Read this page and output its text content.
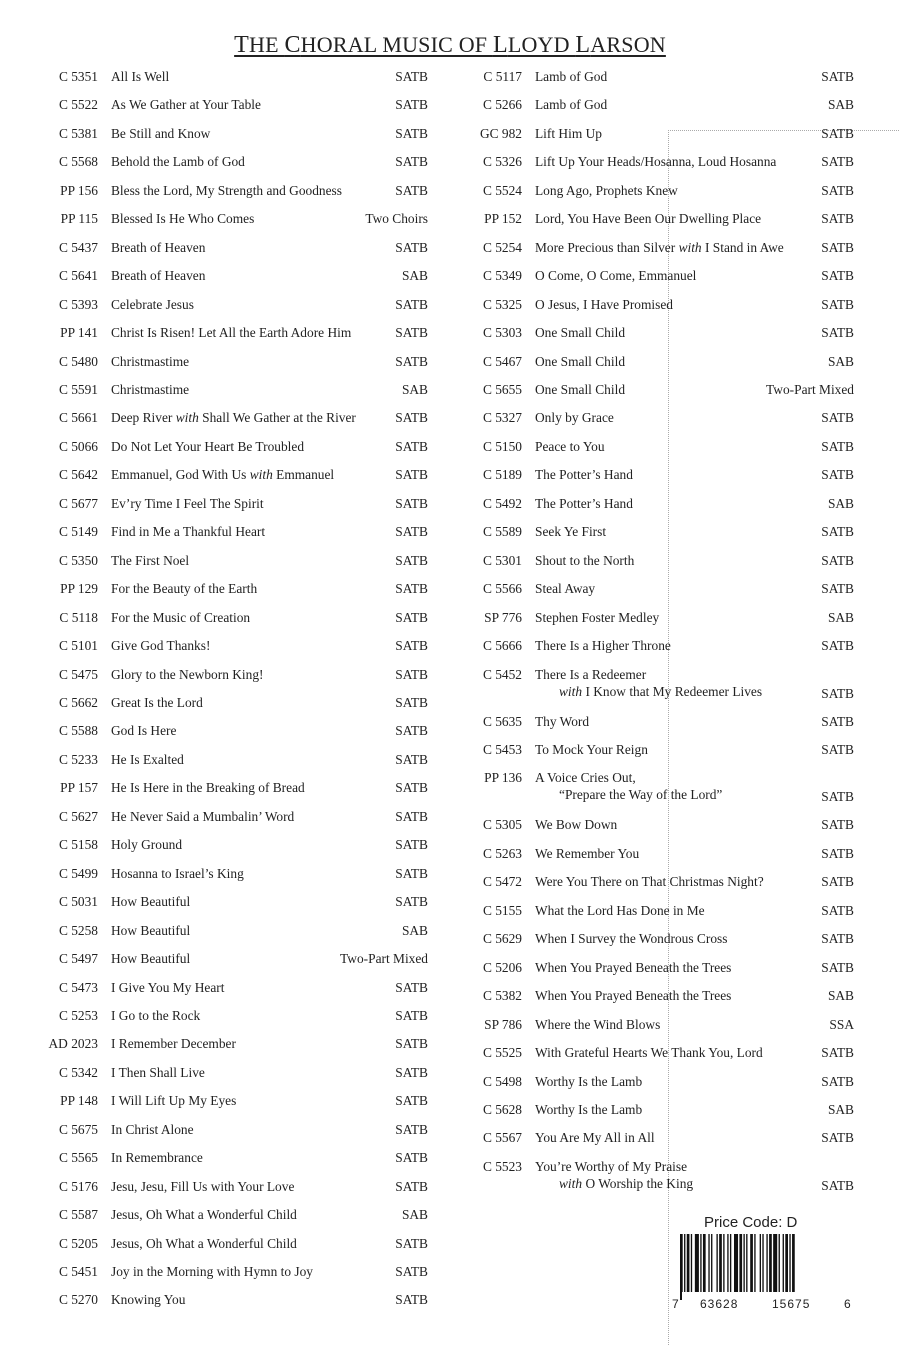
THE CHORAL MUSIC OF LLOYD LARSON
C 5351 All Is Well	SATB
C 5522 As We Gather at Your Table	SATB
C 5381 Be Still and Know	SATB
C 5568 Behold the Lamb of God	SATB
PP 156 Bless the Lord, My Strength and Goodness	SATB
PP 115 Blessed Is He Who Comes	Two Choirs
C 5437 Breath of Heaven	SATB
C 5641 Breath of Heaven	SAB
C 5393 Celebrate Jesus	SATB
PP 141 Christ Is Risen! Let All the Earth Adore Him	SATB
C 5480 Christmastime	SATB
C 5591 Christmastime	SAB
C 5661 Deep River with Shall We Gather at the River	SATB
C 5066 Do Not Let Your Heart Be Troubled	SATB
C 5642 Emmanuel, God With Us with Emmanuel	SATB
C 5677 Ev’ry Time I Feel The Spirit	SATB
C 5149 Find in Me a Thankful Heart	SATB
C 5350 The First Noel	SATB
PP 129 For the Beauty of the Earth	SATB
C 5118 For the Music of Creation	SATB
C 5101 Give God Thanks!	SATB
C 5475 Glory to the Newborn King!	SATB
C 5662 Great Is the Lord	SATB
C 5588 God Is Here	SATB
C 5233 He Is Exalted	SATB
PP 157 He Is Here in the Breaking of Bread	SATB
C 5627 He Never Said a Mumbalin’ Word	SATB
C 5158 Holy Ground	SATB
C 5499 Hosanna to Israel’s King	SATB
C 5031 How Beautiful	SATB
C 5258 How Beautiful	SAB
C 5497 How Beautiful	Two-Part Mixed
C 5473 I Give You My Heart	SATB
C 5253 I Go to the Rock	SATB
AD 2023 I Remember December	SATB
C 5342 I Then Shall Live	SATB
PP 148 I Will Lift Up My Eyes	SATB
C 5675 In Christ Alone	SATB
C 5565 In Remembrance	SATB
C 5176 Jesu, Jesu, Fill Us with Your Love	SATB
C 5587 Jesus, Oh What a Wonderful Child	SAB
C 5205 Jesus, Oh What a Wonderful Child	SATB
C 5451 Joy in the Morning with Hymn to Joy	SATB
C 5270 Knowing You	SATB
C 5117 Lamb of God	SATB
C 5266 Lamb of God	SAB
GC 982 Lift Him Up	SATB
C 5326 Lift Up Your Heads/Hosanna, Loud Hosanna	SATB
C 5524 Long Ago, Prophets Knew	SATB
PP 152 Lord, You Have Been Our Dwelling Place	SATB
C 5254 More Precious than Silver with I Stand in Awe	SATB
C 5349 O Come, O Come, Emmanuel	SATB
C 5325 O Jesus, I Have Promised	SATB
C 5303 One Small Child	SATB
C 5467 One Small Child	SAB
C 5655 One Small Child	Two-Part Mixed
C 5327 Only by Grace	SATB
C 5150 Peace to You	SATB
C 5189 The Potter’s Hand	SATB
C 5492 The Potter’s Hand	SAB
C 5589 Seek Ye First	SATB
C 5301 Shout to the North	SATB
C 5566 Steal Away	SATB
SP 776 Stephen Foster Medley	SAB
C 5666 There Is a Higher Throne	SATB
C 5452 There Is a Redeemer
with I Know that My Redeemer Lives	SATB
C 5635 Thy Word	SATB
C 5453 To Mock Your Reign	SATB
PP 136 A Voice Cries Out,
“Prepare the Way of the Lord”	SATB
C 5305 We Bow Down	SATB
C 5263 We Remember You	SATB
C 5472 Were You There on That Christmas Night?	SATB
C 5155 What the Lord Has Done in Me	SATB
C 5629 When I Survey the Wondrous Cross	SATB
C 5206 When You Prayed Beneath the Trees	SATB
C 5382 When You Prayed Beneath the Trees	SAB
SP 786 Where the Wind Blows	SSA
C 5525 With Grateful Hearts We Thank You, Lord	SATB
C 5498 Worthy Is the Lamb	SATB
C 5628 Worthy Is the Lamb	SAB
C 5567 You Are My All in All	SATB
C 5523 You’re Worthy of My Praise
with O Worship the King	SATB
Price Code: D
7 63628	15675	6
